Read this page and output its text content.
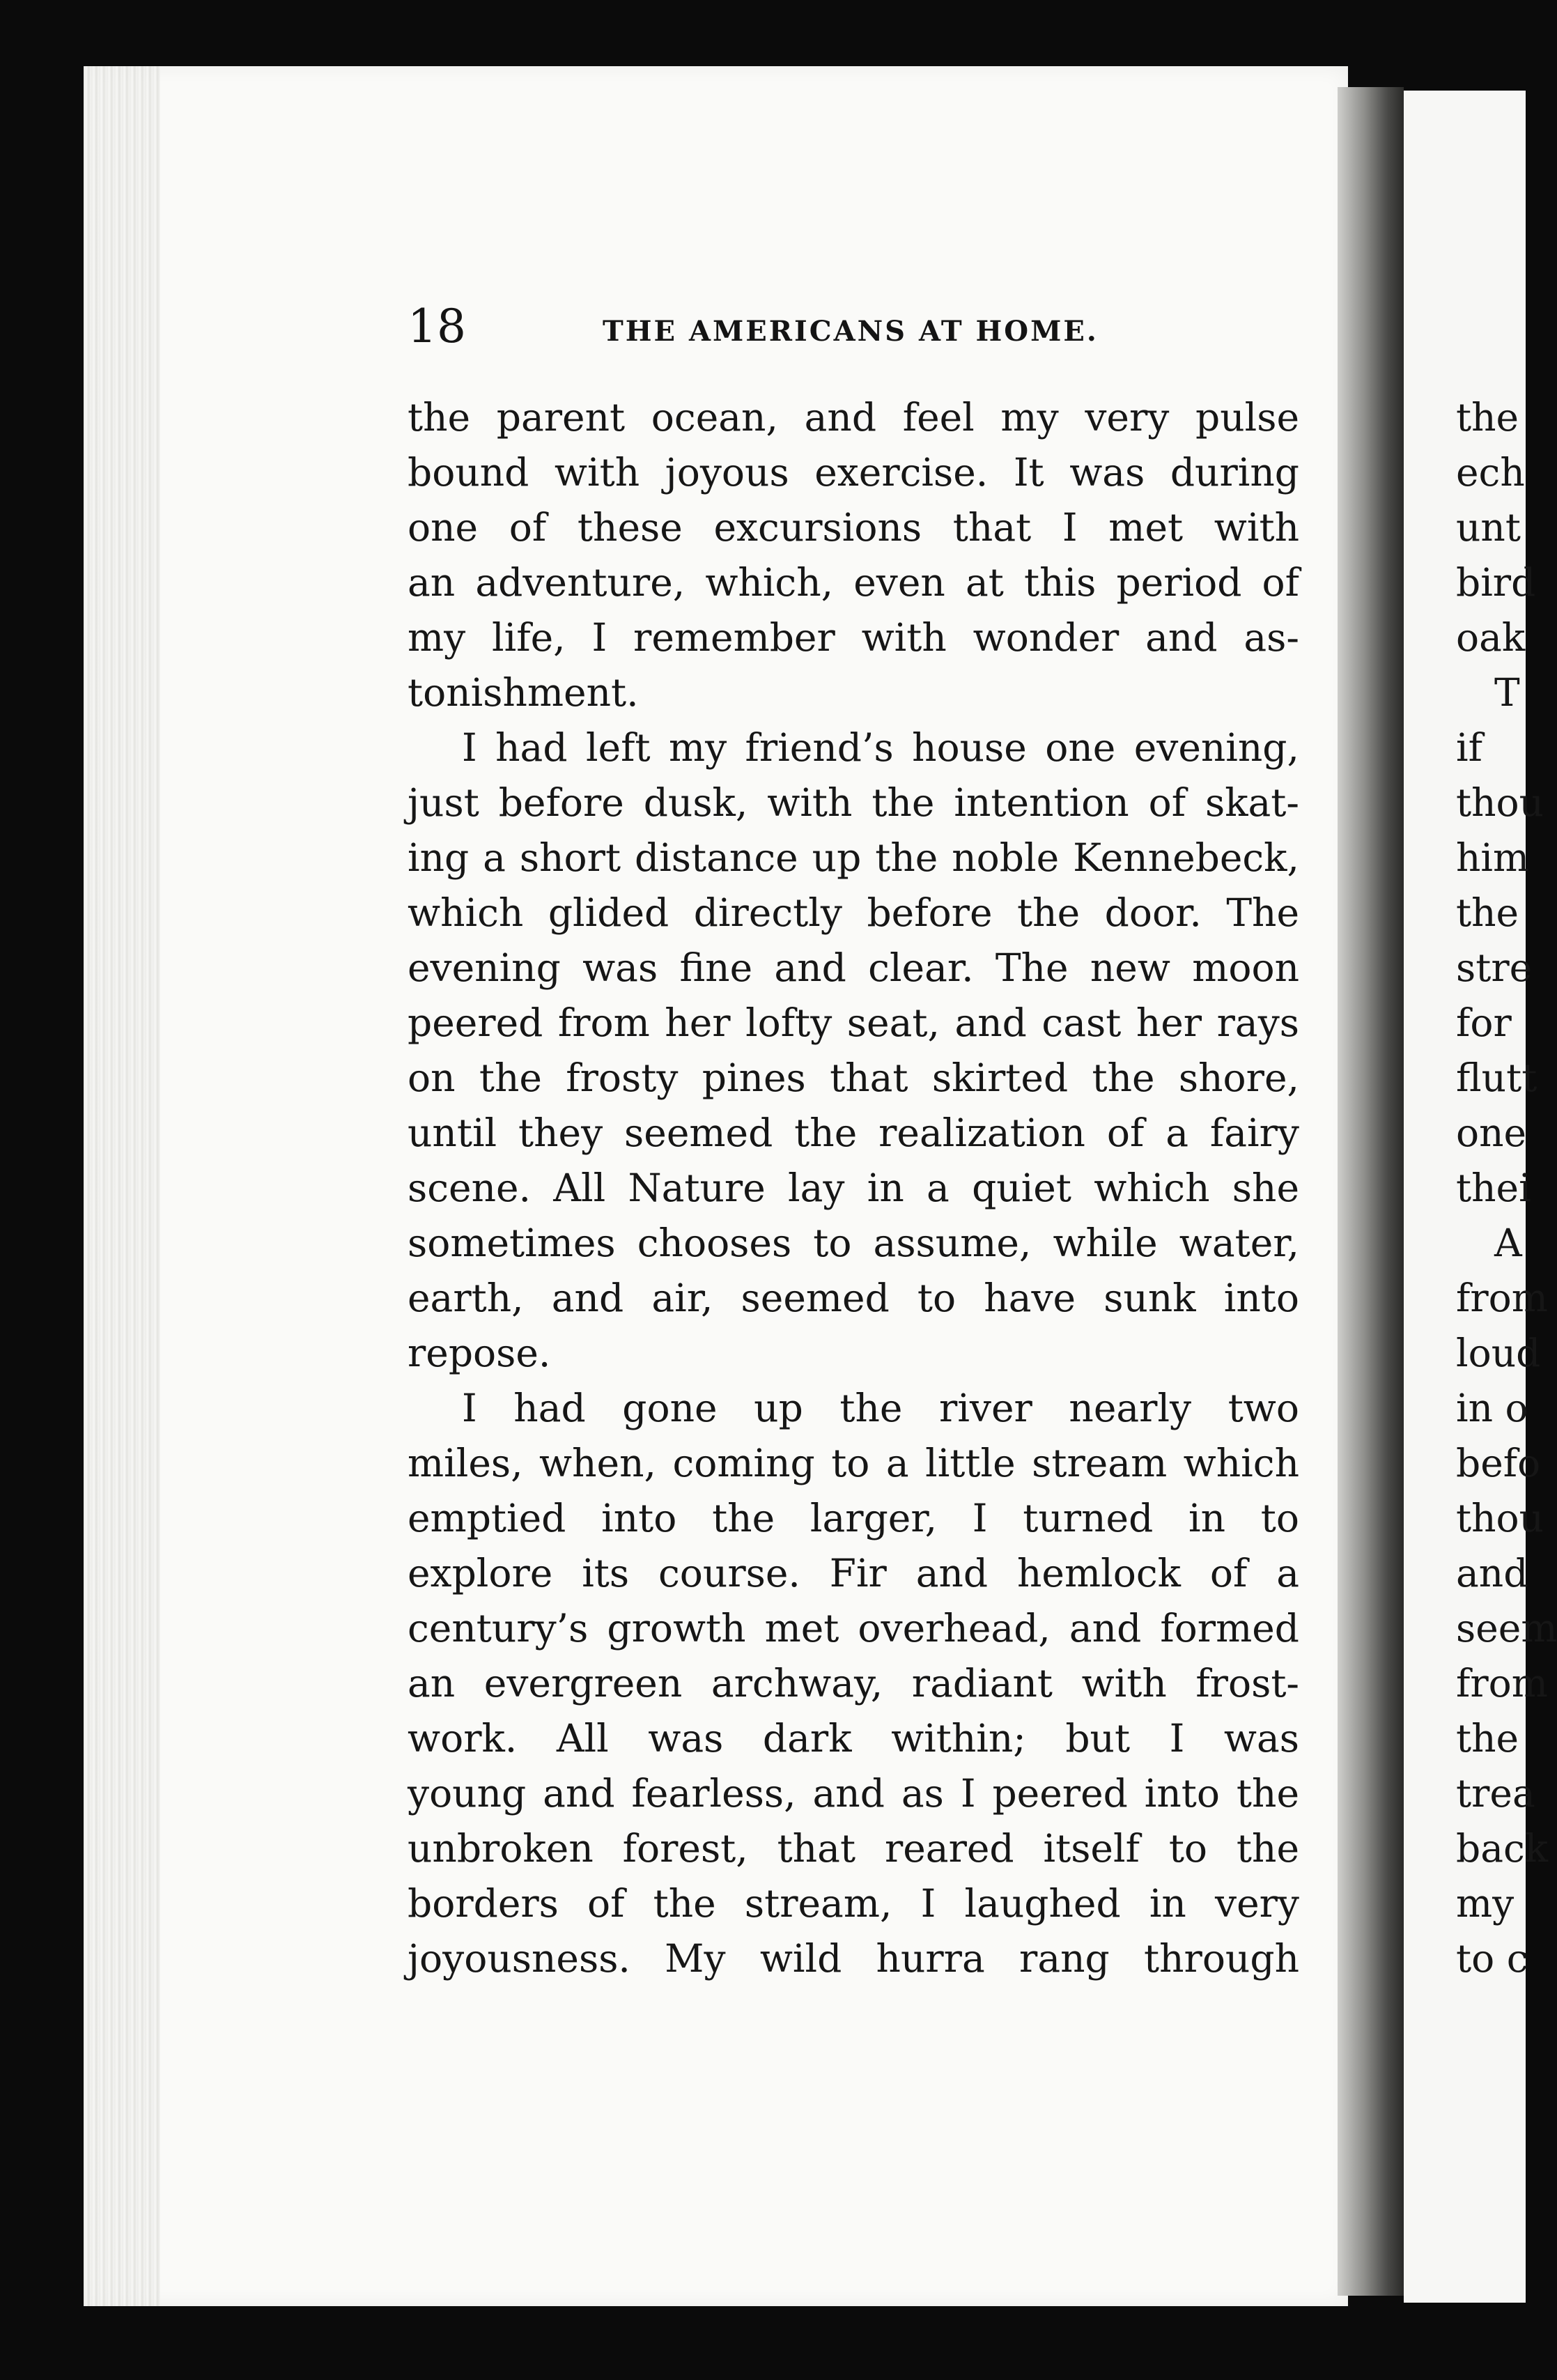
18	THE AMERICANS AT HOME.
the parent ocean, and feel my very pulse
bound with joyous exercise. It was during
one of these excursions that I met with
an adventure, which, even at this period of
my life, I remember with wonder and as-
tonishment.
I had left my friend’s house one evening,
just before dusk, with the intention of skat-
ing a short distance up the noble Kennebeck,
which glided directly before the door. The
evening was fine and clear. The new moon
peered from her lofty seat, and cast her rays
on the frosty pines that skirted the shore,
until they seemed the realization of a fairy
scene. All Nature lay in a quiet which she
sometimes chooses to assume, while water,
earth, and air, seemed to have sunk into
repose.
I had gone up the river nearly two
miles, when, coming to a little stream which
emptied into the larger, I turned in to
explore its course. Fir and hemlock of a
century’s growth met overhead, and formed
an evergreen archway, radiant with frost-
work. All was dark within; but I was
young and fearless, and as I peered into the
unbroken forest, that reared itself to the
borders of the stream, I laughed in very
joyousness. My wild hurra rang through
the
ech
unt
bird
oak
T
if
thou
him
the
stre
for
flutt
one
thei
A
from
loud
in o
befo
thou
and
seem
from
the
trea
back
my
to c
